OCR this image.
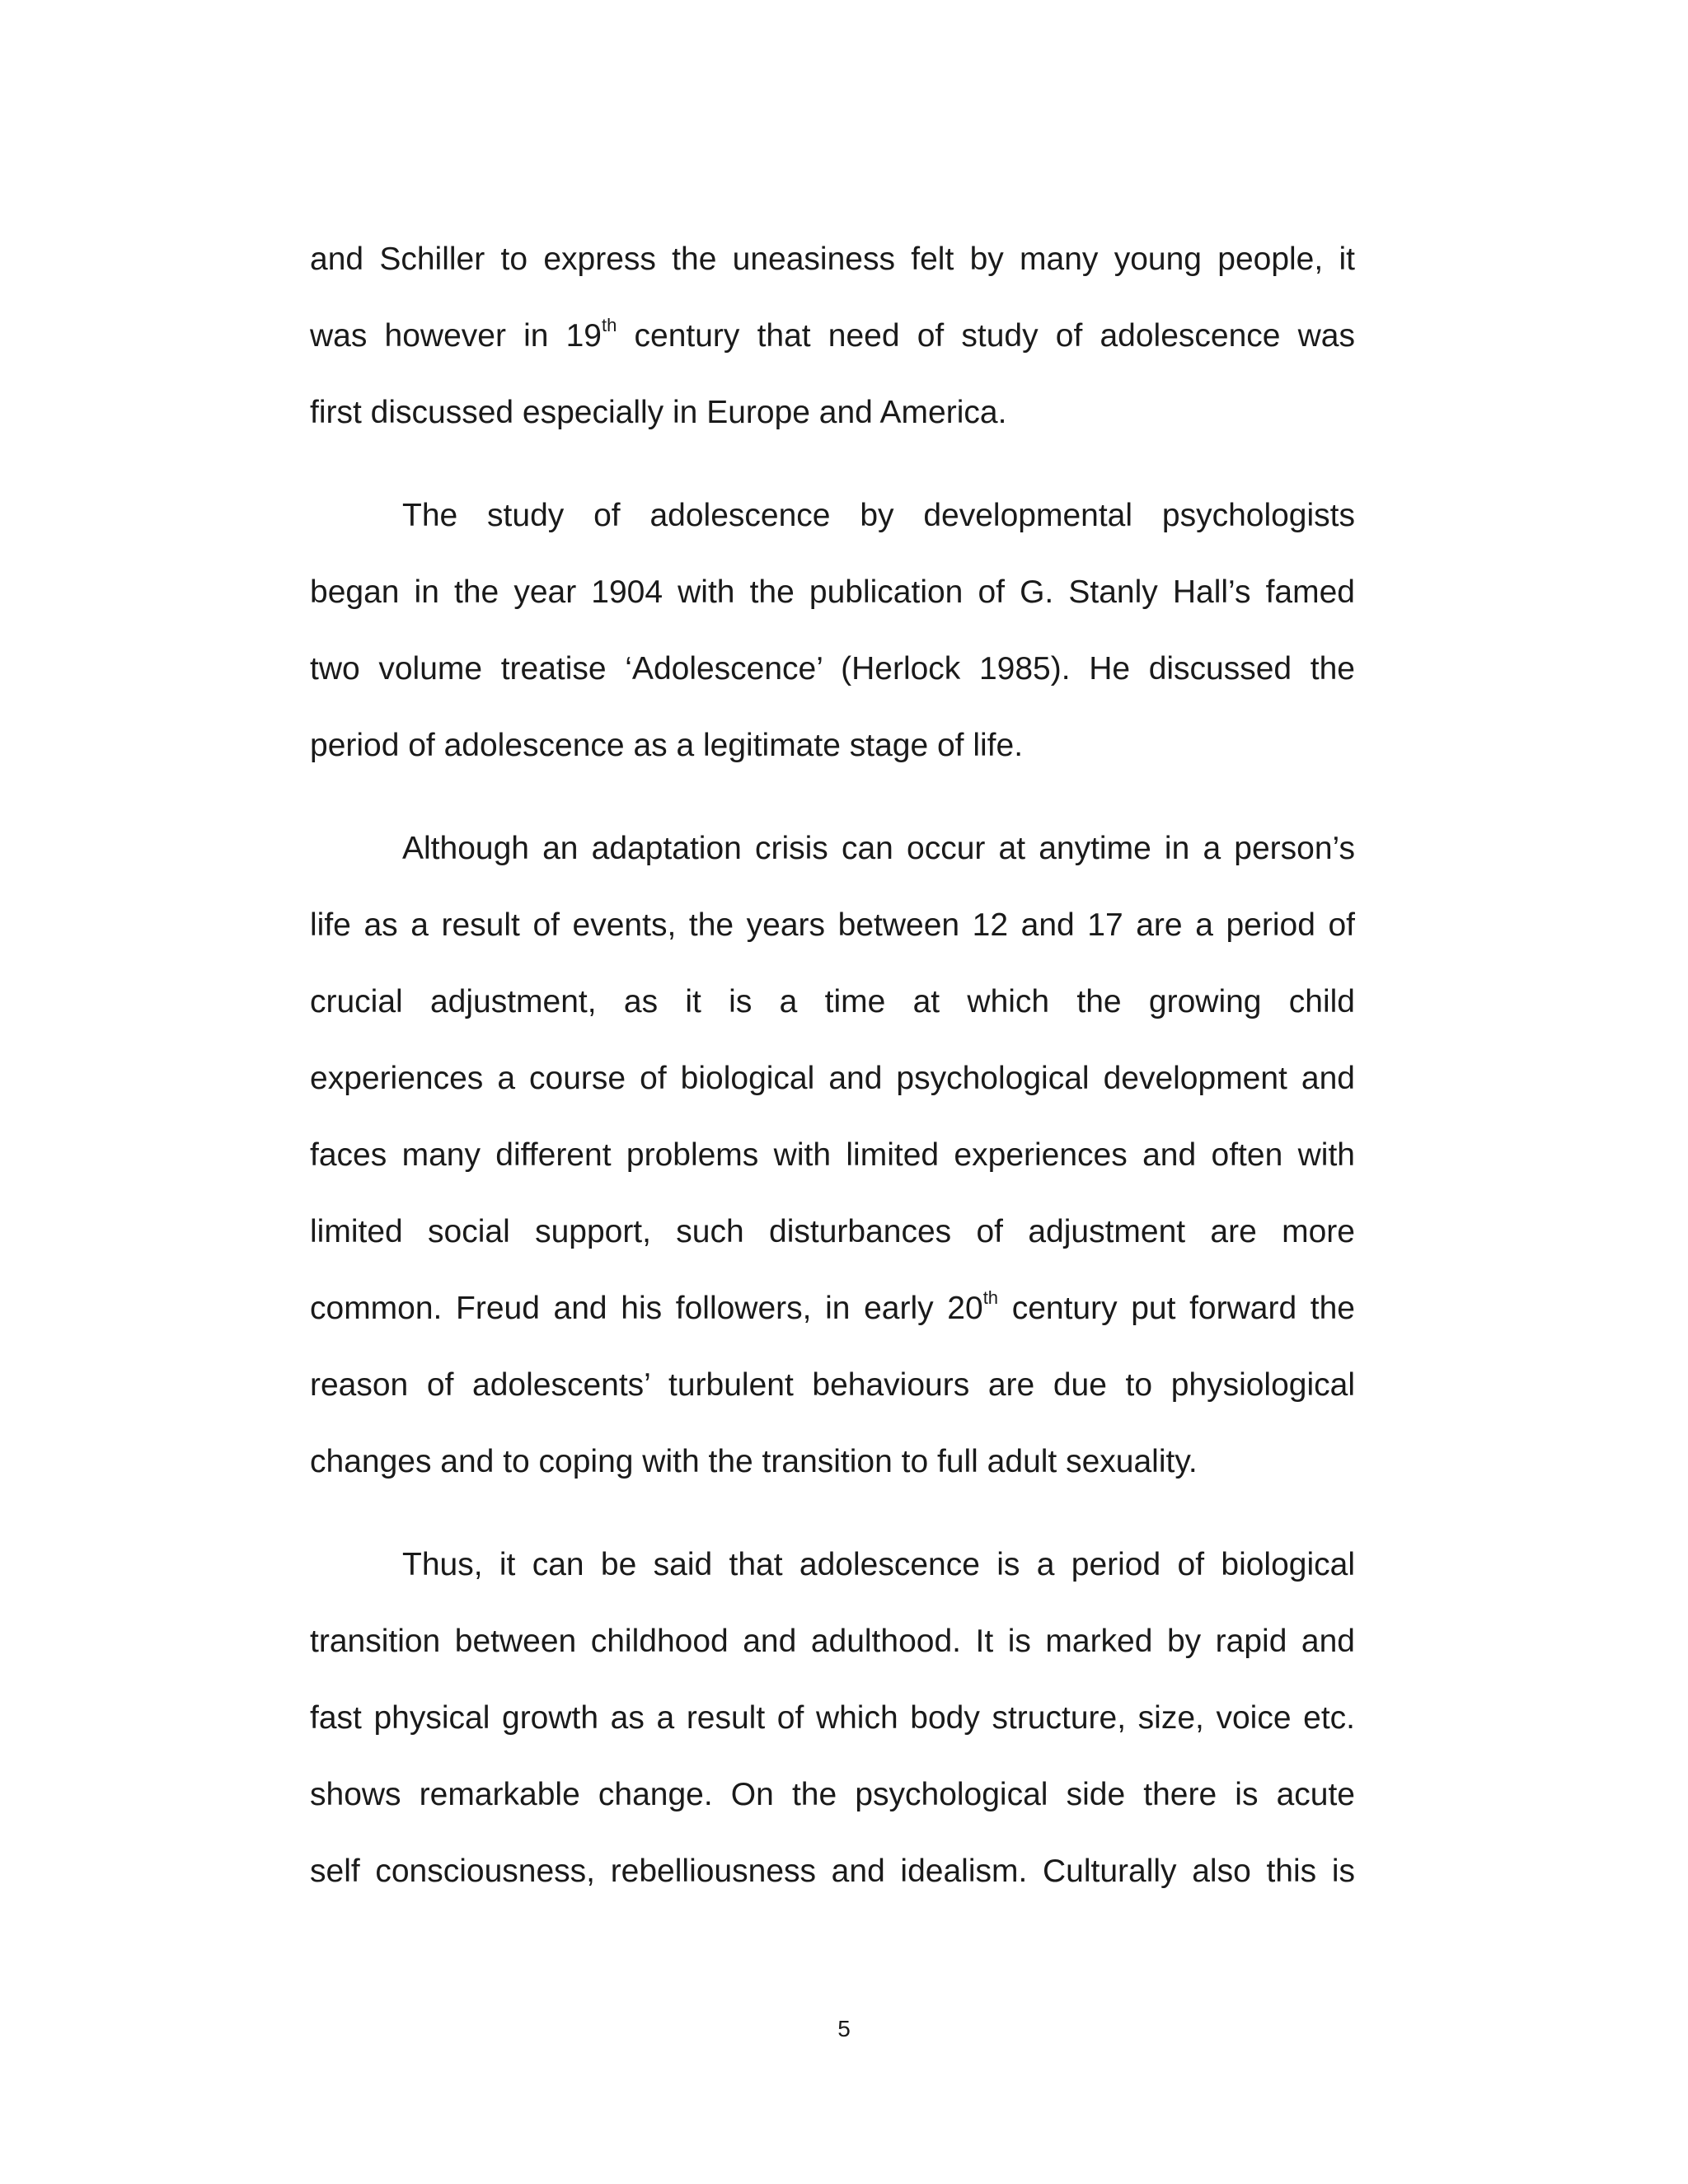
and Schiller to express the uneasiness felt by many young people, it
was however in 19th century that need of study of adolescence was
first discussed especially in Europe and America.
The study of adolescence by developmental psychologists
began in the year 1904 with the publication of G. Stanly Hall’s famed
two volume treatise ‘Adolescence’ (Herlock 1985). He discussed the
period of adolescence as a legitimate stage of life.
Although an adaptation crisis can occur at anytime in a person’s
life as a result of events, the years between 12 and 17 are a period of
crucial adjustment, as it is a time at which the growing child
experiences a course of biological and psychological development and
faces many different problems with limited experiences and often with
limited social support, such disturbances of adjustment are more
common. Freud and his followers, in early 20th century put forward the
reason of adolescents’ turbulent behaviours are due to physiological
changes and to coping with the transition to full adult sexuality.
Thus, it can be said that adolescence is a period of biological
transition between childhood and adulthood. It is marked by rapid and
fast physical growth as a result of which body structure, size, voice etc.
shows remarkable change. On the psychological side there is acute
self consciousness, rebelliousness and idealism. Culturally also this is
5
